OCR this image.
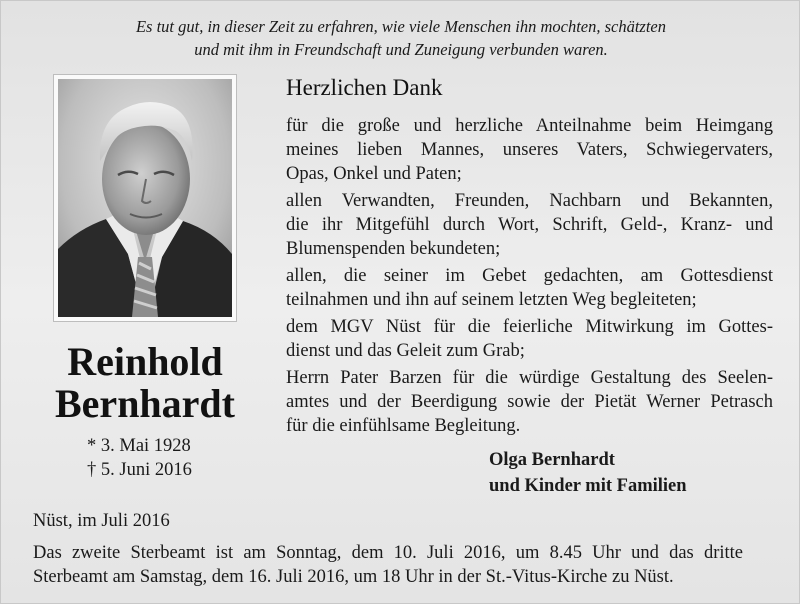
Es tut gut, in dieser Zeit zu erfahren, wie viele Menschen ihn mochten, schätzten
und mit ihm in Freundschaft und Zuneigung verbunden waren.

Reinhold
Bernhardt
* 3. Mai 1928
† 5. Juni 2016
Herzlichen Dank

für die große und herzliche Anteilnahme beim Heimgang
meines lieben Mannes, unseres Vaters, Schwiegervaters,
Opas, Onkel und Paten;

allen Verwandten, Freunden, Nachbarn und Bekannten,
die ihr Mitgefühl durch Wort, Schrift, Geld-, Kranz- und
Blumenspenden bekundeten;

allen, die seiner im Gebet gedachten, am Gottesdienst
teilnahmen und ihn auf seinem letzten Weg begleiteten;

dem MGV Nüst für die feierliche Mitwirkung im Gottes-
dienst und das Geleit zum Grab;

Herrn Pater Barzen für die würdige Gestaltung des Seelen-
amtes und der Beerdigung sowie der Pietät Werner Petrasch
für die einfühlsame Begleitung.

Olga Bernhardt
und Kinder mit Familien
Nüst, im Juli 2016
Das zweite Sterbeamt ist am Sonntag, dem 10. Juli 2016, um 8.45 Uhr und das dritte
Sterbeamt am Samstag, dem 16. Juli 2016, um 18 Uhr in der St.-Vitus-Kirche zu Nüst.
